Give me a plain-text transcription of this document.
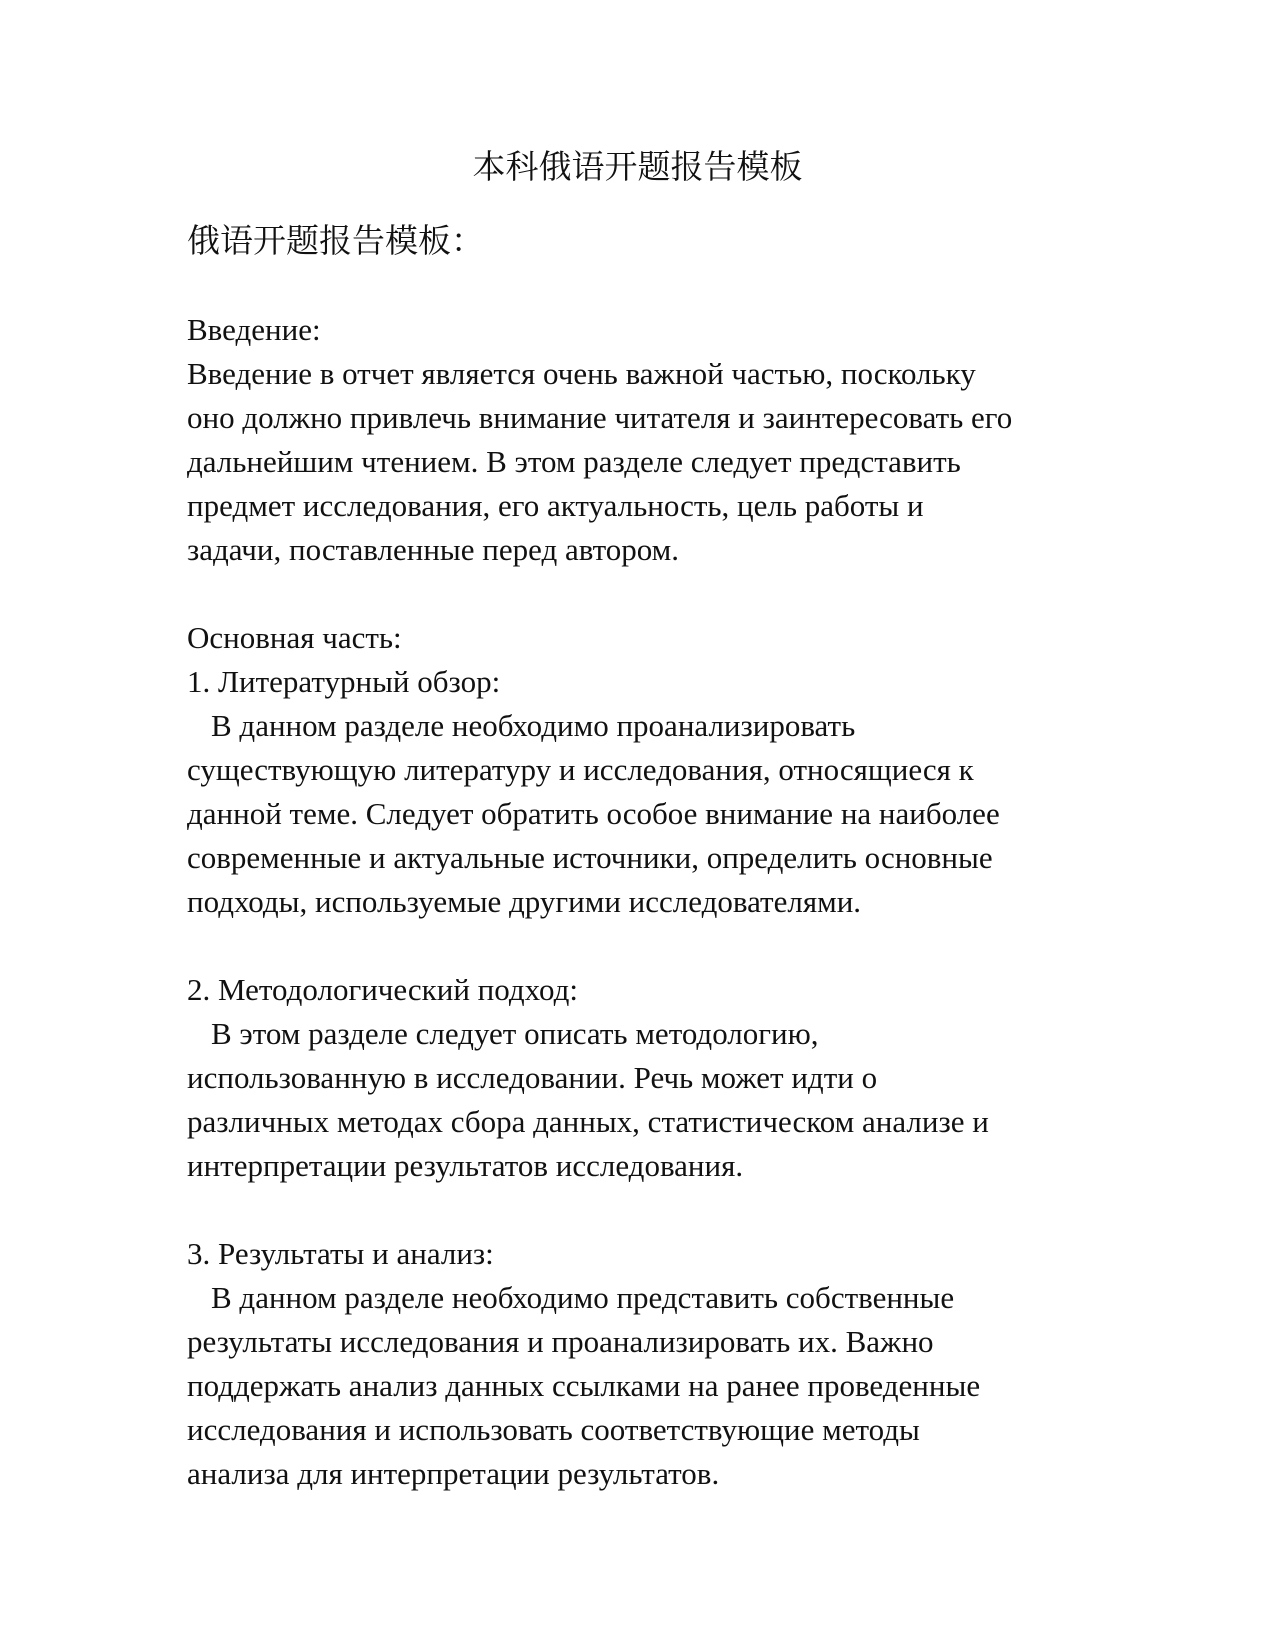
本科俄语开题报告模板
俄语开题报告模板：

Введение:

Введение в отчет является очень важной частью, поскольку

оно должно привлечь внимание читателя и заинтересовать его

дальнейшим чтением. В этом разделе следует представить

предмет исследования, его актуальность, цель работы и

задачи, поставленные перед автором.

Основная часть:

1. Литературный обзор:

В данном разделе необходимо проанализировать

существующую литературу и исследования, относящиеся к

данной теме. Следует обратить особое внимание на наиболее

современные и актуальные источники, определить основные

подходы, используемые другими исследователями.

2. Методологический подход:

В этом разделе следует описать методологию,

использованную в исследовании. Речь может идти о

различных методах сбора данных, статистическом анализе и

интерпретации результатов исследования.

3. Результаты и анализ:

В данном разделе необходимо представить собственные

результаты исследования и проанализировать их. Важно

поддержать анализ данных ссылками на ранее проведенные

исследования и использовать соответствующие методы

анализа для интерпретации результатов.
